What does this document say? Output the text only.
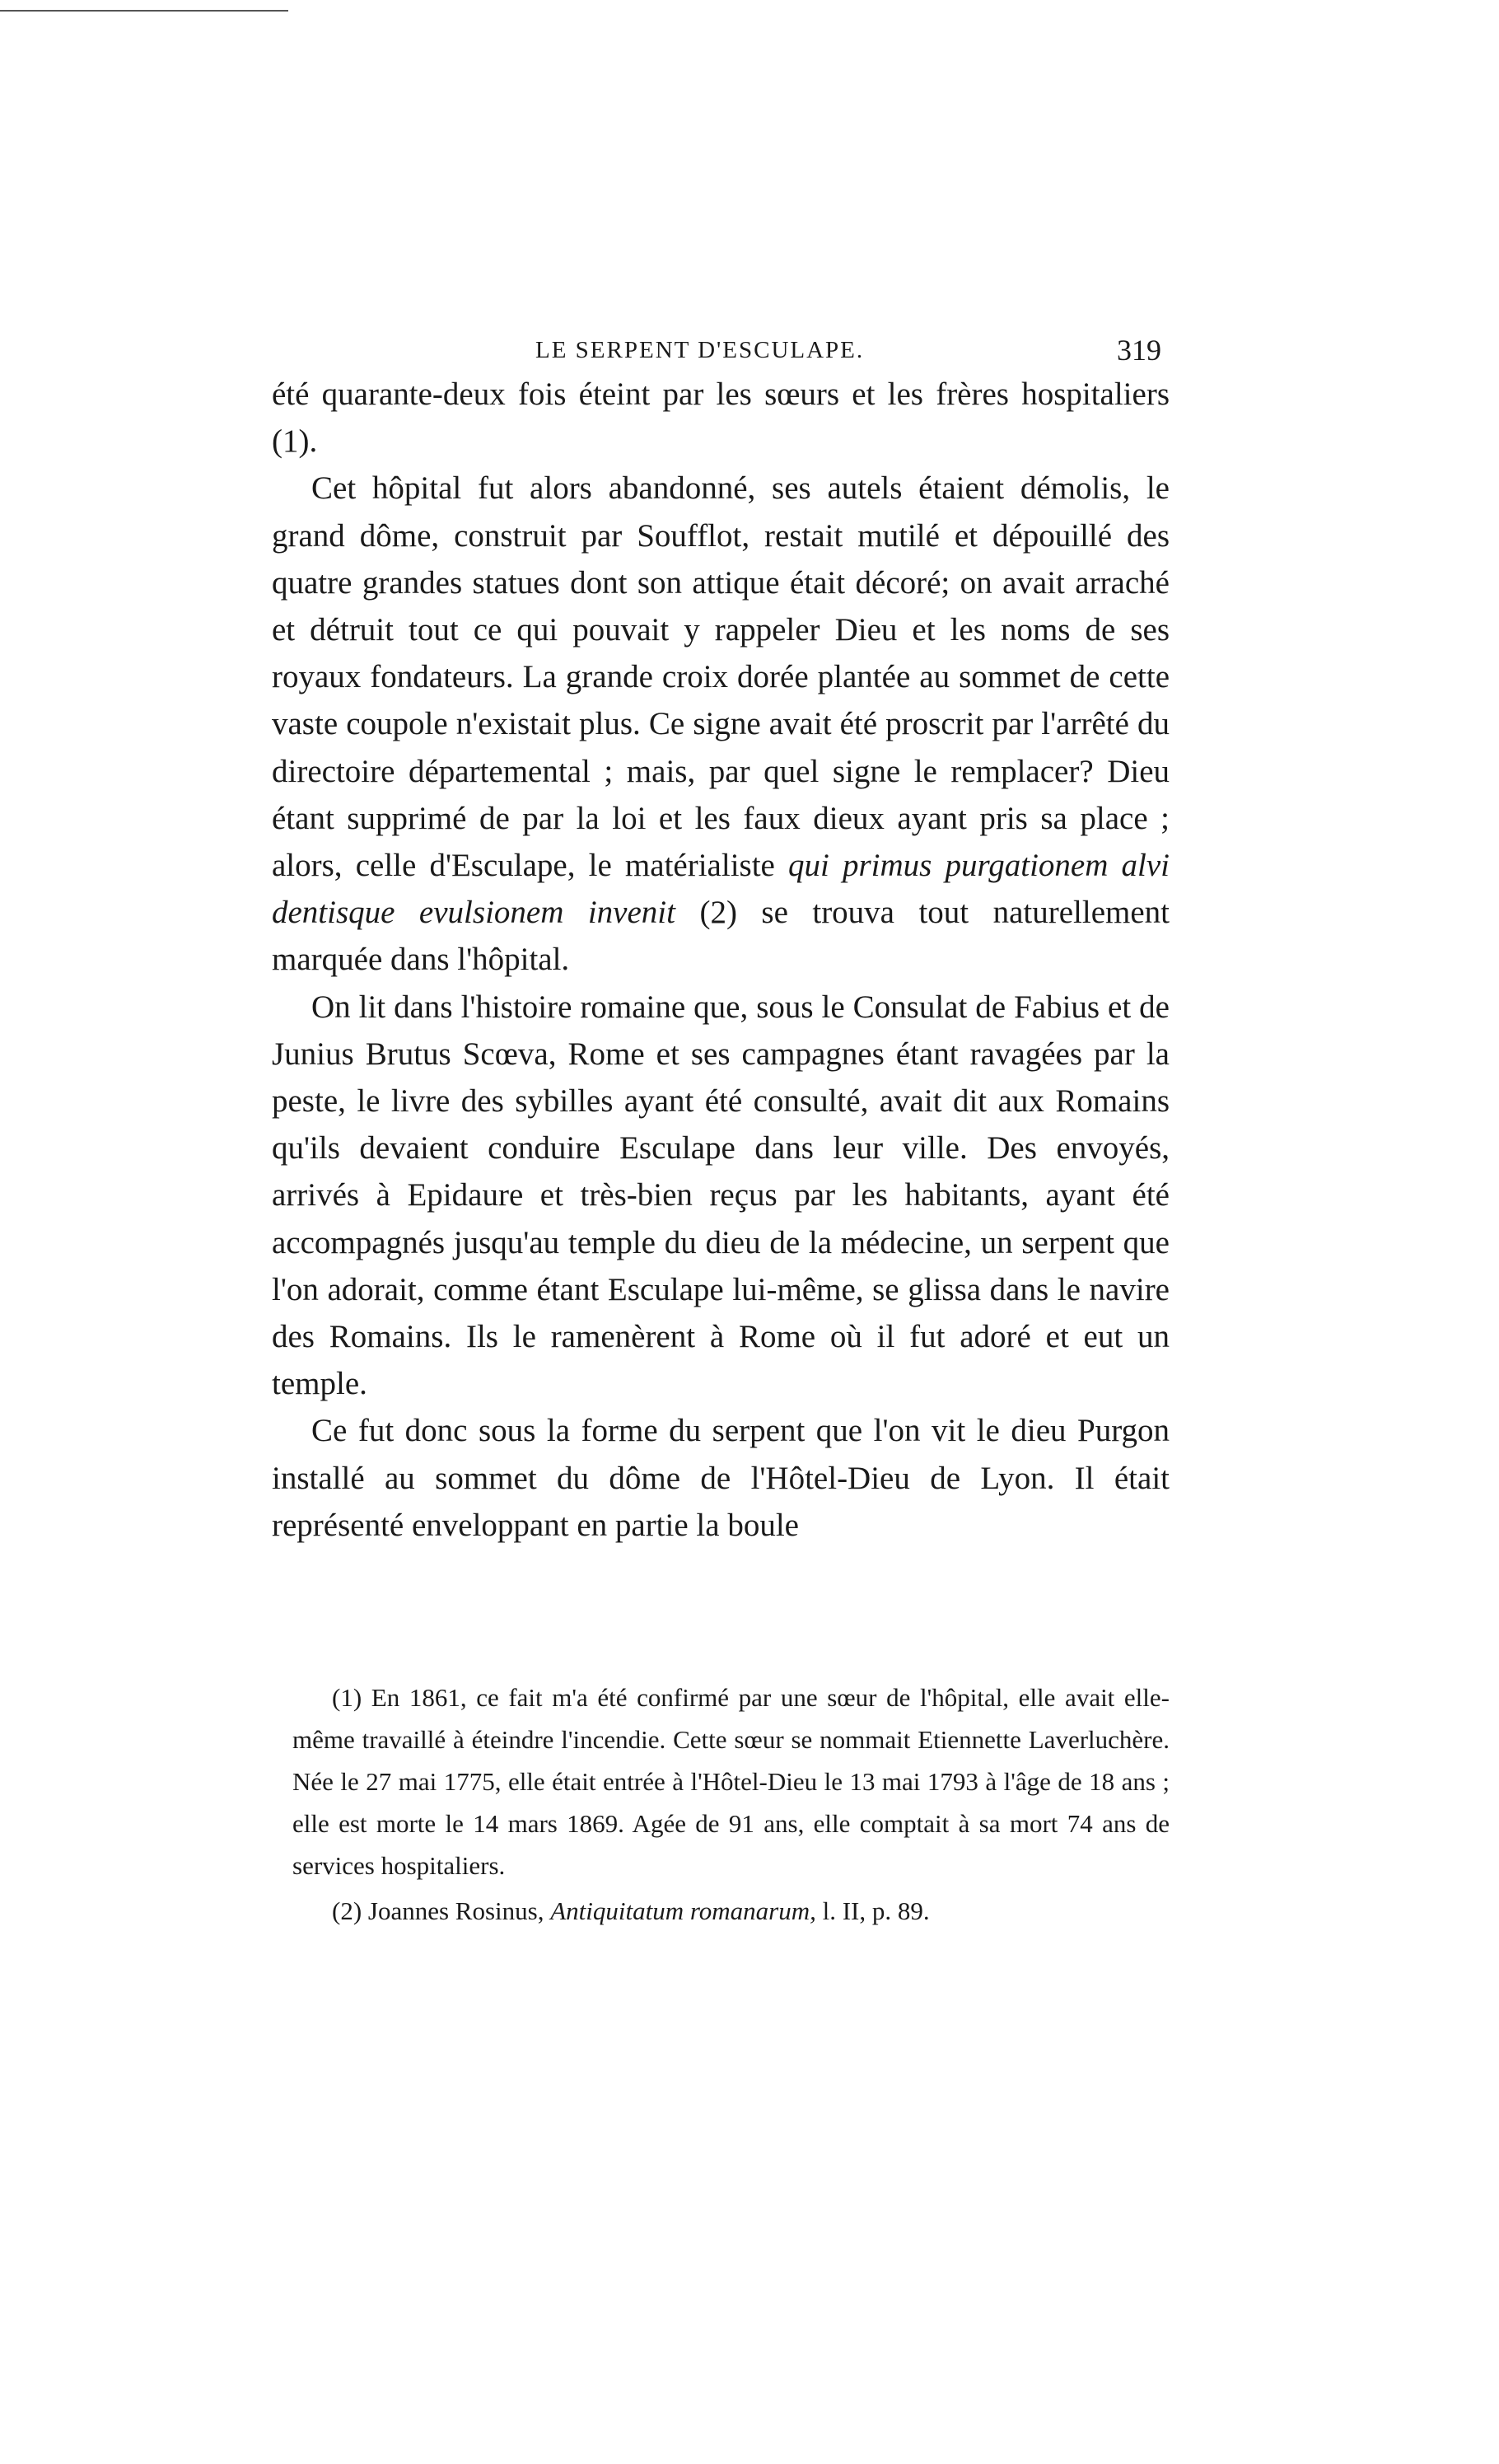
LE SERPENT D'ESCULAPE.	319

été quarante-deux fois éteint par les sœurs et les frères hospitaliers (1).

Cet hôpital fut alors abandonné, ses autels étaient démolis, le grand dôme, construit par Soufflot, restait mutilé et dépouillé des quatre grandes statues dont son attique était décoré; on avait arraché et détruit tout ce qui pouvait y rappeler Dieu et les noms de ses royaux fondateurs. La grande croix dorée plantée au sommet de cette vaste coupole n'existait plus. Ce signe avait été proscrit par l'arrêté du directoire départemental ; mais, par quel signe le remplacer? Dieu étant supprimé de par la loi et les faux dieux ayant pris sa place ; alors, celle d'Esculape, le matérialiste qui primus purgationem alvi dentisque evulsionem invenit (2) se trouva tout naturellement marquée dans l'hôpital.

On lit dans l'histoire romaine que, sous le Consulat de Fabius et de Junius Brutus Scœva, Rome et ses campagnes étant ravagées par la peste, le livre des sybilles ayant été consulté, avait dit aux Romains qu'ils devaient conduire Esculape dans leur ville. Des envoyés, arrivés à Epidaure et très-bien reçus par les habitants, ayant été accompagnés jusqu'au temple du dieu de la médecine, un serpent que l'on adorait, comme étant Esculape lui-même, se glissa dans le navire des Romains. Ils le ramenèrent à Rome où il fut adoré et eut un temple.

Ce fut donc sous la forme du serpent que l'on vit le dieu Purgon installé au sommet du dôme de l'Hôtel-Dieu de Lyon. Il était représenté enveloppant en partie la boule

(1) En 1861, ce fait m'a été confirmé par une sœur de l'hôpital, elle avait elle-même travaillé à éteindre l'incendie. Cette sœur se nommait Etiennette Laverluchère. Née le 27 mai 1775, elle était entrée à l'Hôtel-Dieu le 13 mai 1793 à l'âge de 18 ans ; elle est morte le 14 mars 1869. Agée de 91 ans, elle comptait à sa mort 74 ans de services hospitaliers.

(2) Joannes Rosinus, Antiquitatum romanarum, l. II, p. 89.
